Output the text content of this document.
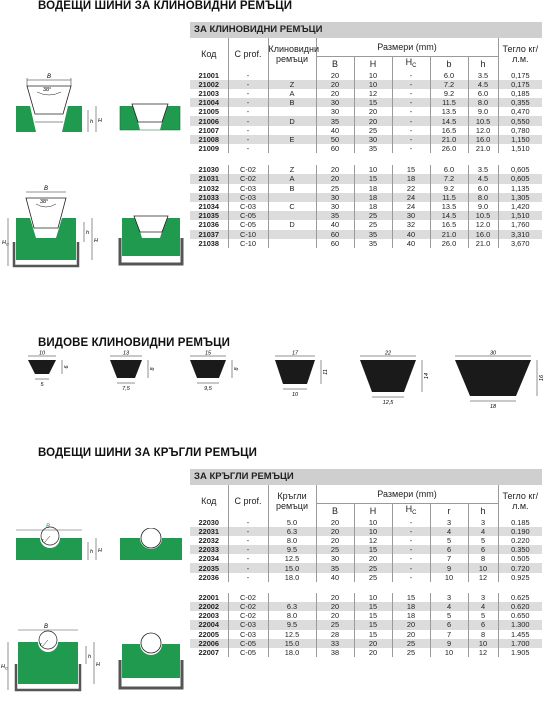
ВОДЕЩИ ШИНИ ЗА КЛИНОВИДНИ РЕМЪЦИ
ВИДОВЕ КЛИНОВИДНИ РЕМЪЦИ
ВОДЕЩИ ШИНИ ЗА КРЪГЛИ РЕМЪЦИ
ЗА КЛИНОВИДНИ РЕМЪЦИ
Код	C prof.	Клиновидни ремъци	Размери (mm)					Тегло кг/л.м.
			B	H	$H_C$	b	h	
21001	-		20	10	-	6.0	3.5	0,175
21002	-	Z	20	10	-	7.2	4.5	0,175
21003	-	A	20	12	-	9.2	6.0	0,185
21004	-	B	30	15	-	11.5	8.0	0,355
21005	-		30	20	-	13.5	9.0	0,470
21006	-	D	35	20	-	14.5	10.5	0,550
21007	-		40	25	-	16.5	12.0	0,780
21008	-	E	50	30	-	21.0	16.0	1,150
21009	-		60	35	-	26.0	21.0	1,510
21030	C-02	Z	20	10	15	6.0	3.5	0,605
21031	C-02	A	20	15	18	7.2	4.5	0,605
21032	C-03	B	25	18	22	9.2	6.0	1,135
21033	C-03		30	18	24	11.5	8.0	1,305
21034	C-03	C	30	18	24	13.5	9.0	1,420
21035	C-05		35	25	30	14.5	10.5	1,510
21036	C-05	D	40	25	32	16.5	12.0	1,760
21037	C-10		60	35	40	21.0	16.0	3,310
21038	C-10		60	35	40	26.0	21.0	3,670
ЗА КРЪГЛИ РЕМЪЦИ
Код	C prof.	Кръгли ремъци	Размери (mm)					Тегло кг/л.м.
			B	H	$H_C$	r	h	
22030	-	5.0	20	10	-	3	3	0.185
22031	-	6.3	20	10	-	4	4	0.190
22032	-	8.0	20	12	-	5	5	0.220
22033	-	9.5	25	15	-	6	6	0.350
22034	-	12.5	30	20	-	7	8	0.505
22035	-	15.0	35	25	-	9	10	0.720
22036	-	18.0	40	25	-	10	12	0.925
22001	C-02		20	10	15	3	3	0.625
22002	C-02	6.3	20	15	18	4	4	0.620
22003	C-02	8.0	20	15	18	5	5	0.650
22004	C-03	9.5	25	15	20	6	6	1.300
22005	C-03	12.5	28	15	20	7	8	1.455
22006	C-05	15.0	33	20	25	9	10	1.700
22007	C-05	18.0	38	20	25	10	12	1.905
B
38°
b
h H
B
38°
b
$H_C$
h
H
10
5
6
13
7,5
8
15
9,5
8
17
10
11
22
12,5
14
30
18
16
B
r
h H
B
r
$H_C$
h
H
